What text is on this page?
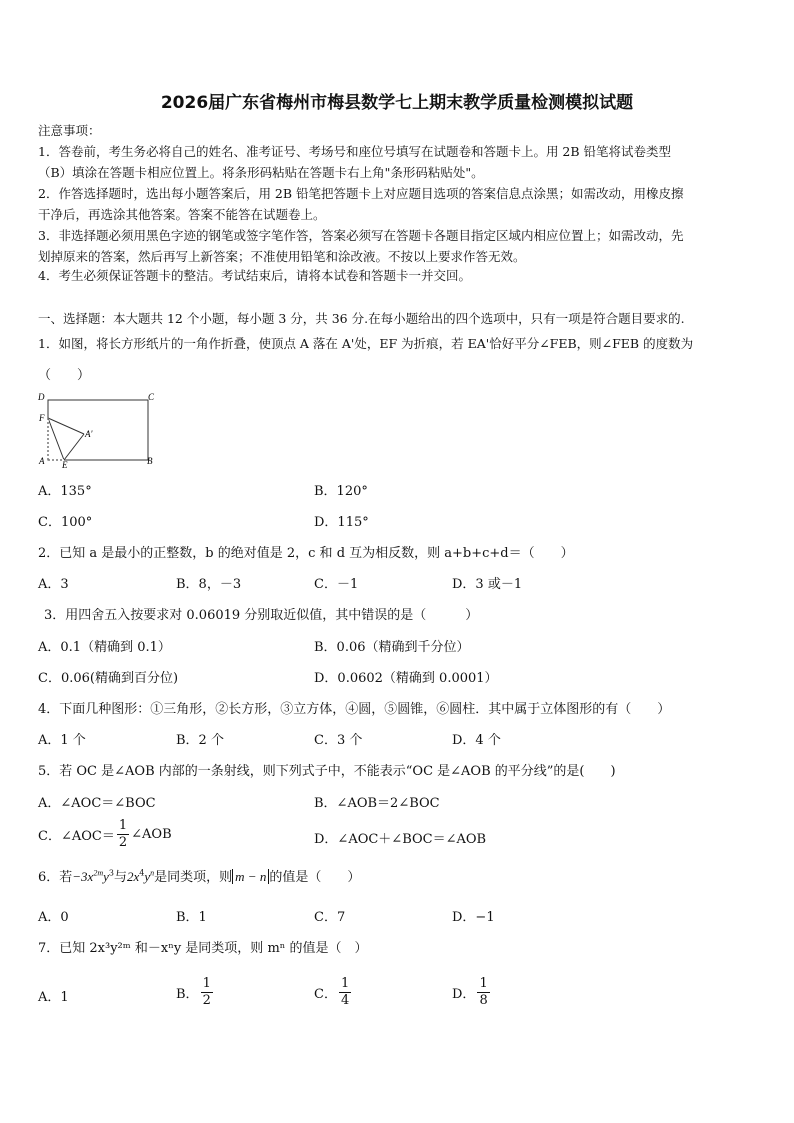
2026届广东省梅州市梅县数学七上期末教学质量检测模拟试题
注意事项：
1．答卷前，考生务必将自己的姓名、准考证号、考场号和座位号填写在试题卷和答题卡上。用 2B 铅笔将试卷类型
（B）填涂在答题卡相应位置上。将条形码粘贴在答题卡右上角"条形码粘贴处"。
2．作答选择题时，选出每小题答案后，用 2B 铅笔把答题卡上对应题目选项的答案信息点涂黑；如需改动，用橡皮擦
干净后，再选涂其他答案。答案不能答在试题卷上。
3．非选择题必须用黑色字迹的钢笔或签字笔作答，答案必须写在答题卡各题目指定区域内相应位置上；如需改动，先
划掉原来的答案，然后再写上新答案；不准使用铅笔和涂改液。不按以上要求作答无效。
4．考生必须保证答题卡的整洁。考试结束后，请将本试卷和答题卡一并交回。
一、选择题：本大题共 12 个小题，每小题 3 分，共 36 分.在每小题给出的四个选项中，只有一项是符合题目要求的.
1．如图，将长方形纸片的一角作折叠，使顶点 A 落在 A'处，EF 为折痕，若 EA'恰好平分∠FEB，则∠FEB 的度数为
（　　）
D	C
F
A'
A E	B
A．135°	B．120°
C．100°	D．115°
2．已知 a 是最小的正整数，b 的绝对值是 2，c 和 d 互为相反数，则 a+b+c+d＝（　　）
A．3	B．8，－3	C．－1	D．3 或－1
3．用四舍五入按要求对 0.06019 分别取近似值，其中错误的是（　　　）
A．0.1（精确到 0.1）	B．0.06（精确到千分位）
C．0.06(精确到百分位)	D．0.0602（精确到 0.0001）
4．下面几种图形：①三角形，②长方形，③立方体，④圆，⑤圆锥，⑥圆柱．其中属于立体图形的有（　　）
A．1 个	B．2 个	C．3 个	D．4 个
5．若 OC 是∠AOB 内部的一条射线，则下列式子中，不能表示“OC 是∠AOB 的平分线”的是(　　)
A．∠AOC＝∠BOC	B．∠AOB＝2∠BOC
C．∠AOC＝ $\frac{1}{2}$ ∠AOB	D．∠AOC＋∠BOC＝∠AOB
6．若$-3x^{2m}y^3$与$2x^4y^n$是同类项，则 m − n 的值是（　　）
A．0	B．1	C．7	D．−1
7．已知 2x³y²ᵐ 和－xⁿy 是同类项，则 mⁿ 的值是（　）
A．1	B． $\frac{1}{2}$	C． $\frac{1}{4}$	D． $\frac{1}{8}$
